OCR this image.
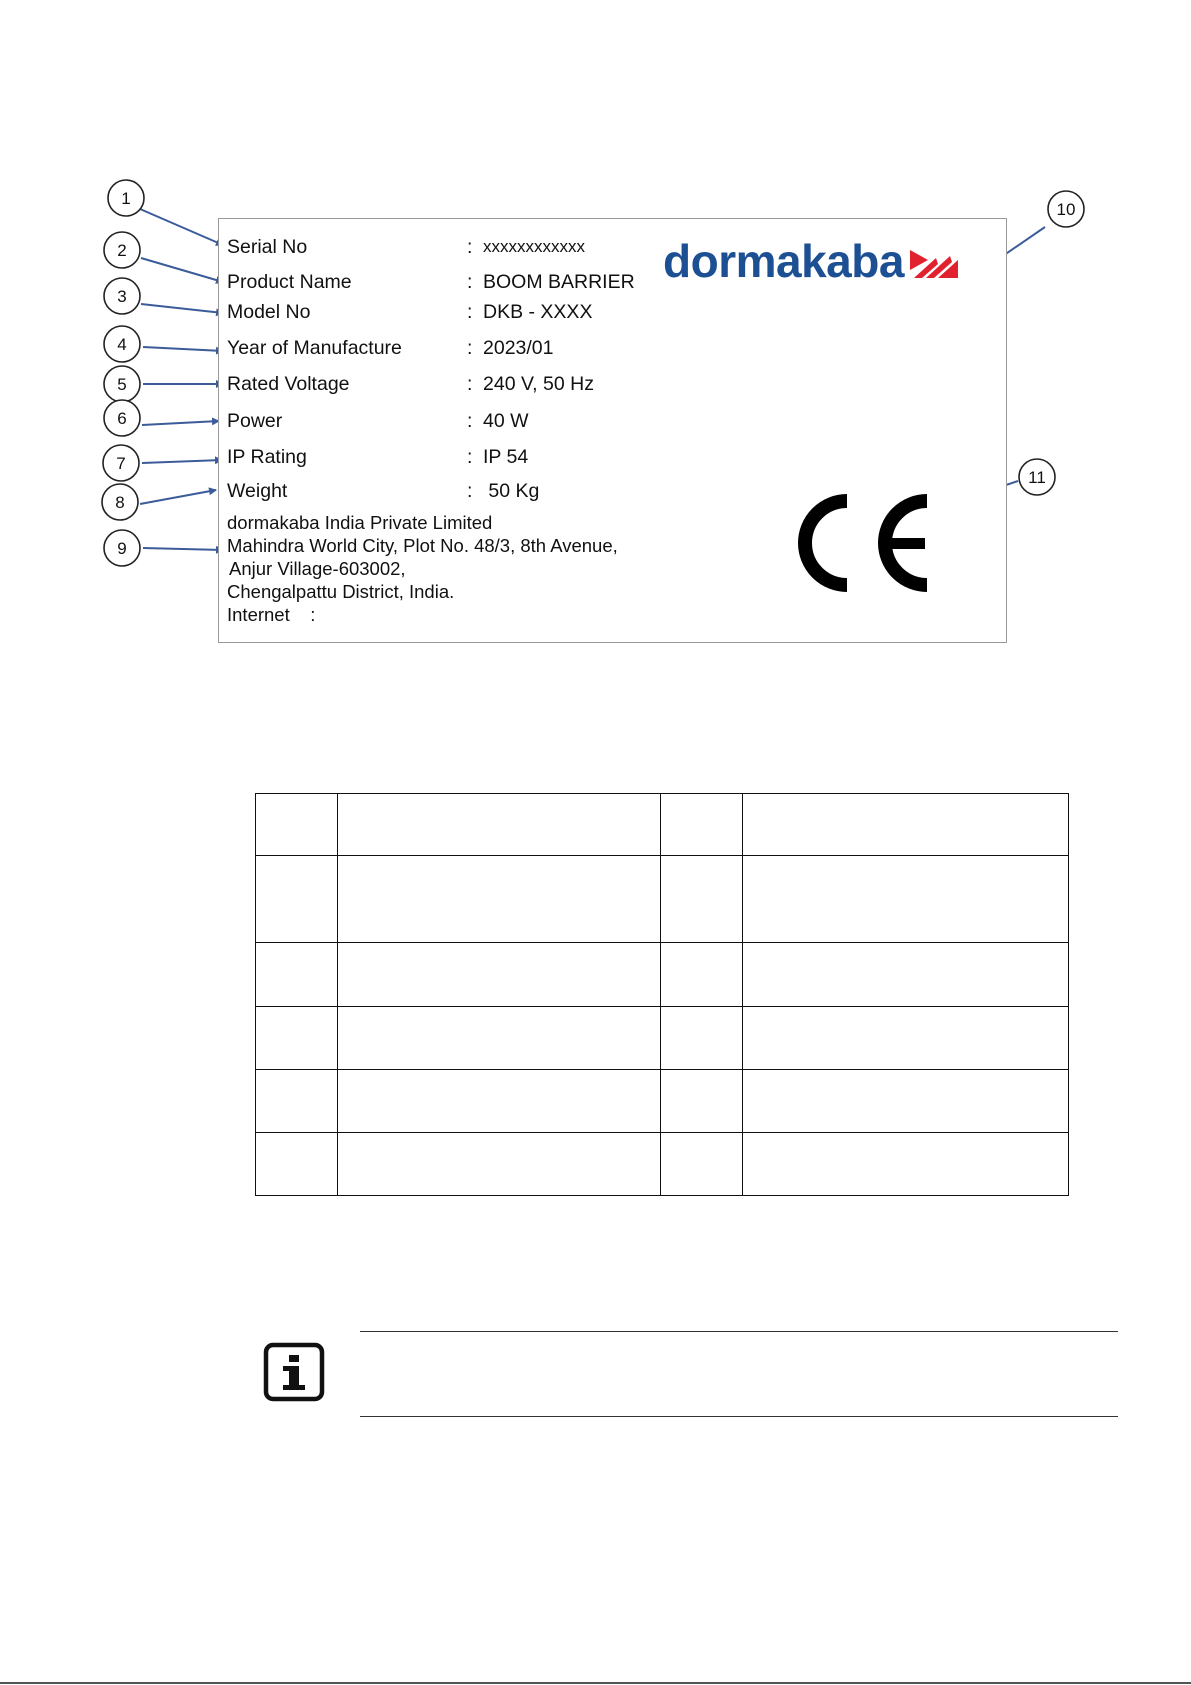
1
2
3
4
5
6
7
8
9
10
11
Serial No	: xxxxxxxxxxxx
Product Name	: BOOM BARRIER
Model No	: DKB - XXXX
Year of Manufacture	: 2023/01
Rated Voltage	: 240 V, 50 Hz
Power	: 40 W
IP Rating	: IP 54
Weight	: 50 Kg
dormakaba India Private Limited
Mahindra World City, Plot No. 48/3, 8th Avenue,
Anjur Village-603002,
Chengalpattu District, India.
Internet    :
dormakaba
